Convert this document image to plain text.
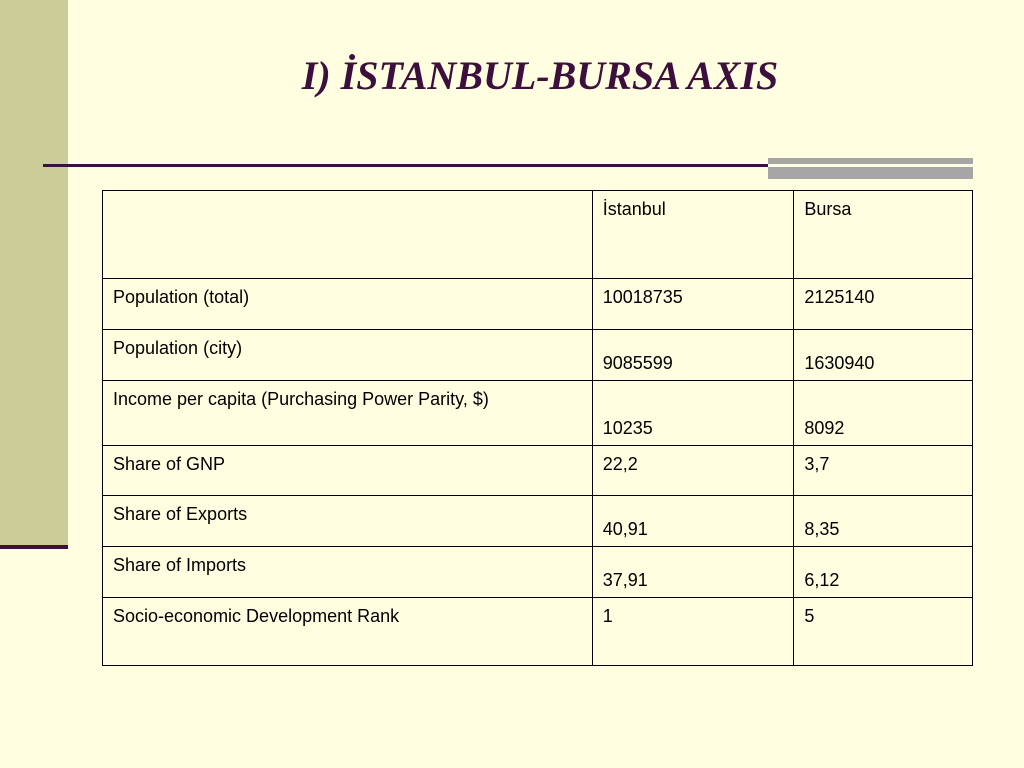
I) İSTANBUL-BURSA AXIS
	İstanbul	Bursa
Population (total)	10018735	2125140
Population (city)	9085599	1630940

Income per capita (Purchasing Power Parity, $)	10235	8092
Share of GNP	22,2	3,7
Share of Exports	40,91	8,35
Share of Imports	37,91	6,12
Socio-economic Development Rank	1	5
